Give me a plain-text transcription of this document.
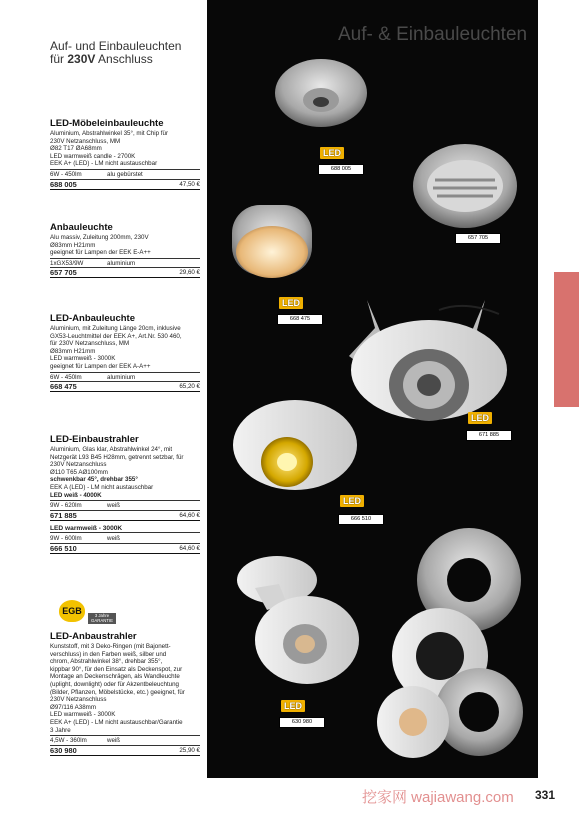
Auf- und Einbauleuchten
für 230V Anschluss
LED-Möbeleinbauleuchte
Aluminium, Abstrahlwinkel 35°, mit Chip für
230V Netzanschluss, MM
Ø82 T17 ØA68mm
LED warmweiß candle - 2700K
EEK A+ (LED) - LM nicht austauschbar
6W - 450lm	alu gebürstet
688 005	47,50 €
Anbauleuchte
Alu massiv, Zuleitung 200mm, 230V
Ø83mm H21mm
geeignet für Lampen der EEK E-A++
1xGX53/9W	aluminium
657 705	29,60 €
LED-Anbauleuchte
Aluminium, mit Zuleitung Länge 20cm, inklusive
GX53-Leuchtmittel der EEK A+, Art.Nr. 530 460,
für 230V Netzanschluss, MM
Ø83mm H21mm
LED warmweiß - 3000K
geeignet für Lampen der EEK A-A++
6W - 450lm	aluminium
668 475	65,20 €
LED-Einbaustrahler
Aluminium, Glas klar, Abstrahlwinkel 24°, mit
Netzgerät L93 B45 H28mm, getrennt setzbar, für
230V Netzanschluss
Ø110 T65 AØ100mm
schwenkbar 45°, drehbar 355°
EEK A (LED) - LM nicht austauschbar
LED weiß - 4000K
9W - 620lm	weiß
671 885	64,60 €
LED warmweiß - 3000K
9W - 600lm	weiß
666 510	64,60 €
EGB	3 Jahre GARANTIE
LED-Anbaustrahler
Kunststoff, mit 3 Deko-Ringen (mit Bajonett-
verschluss) in den Farben weiß, silber und
chrom, Abstrahlwinkel 38°, drehbar 355°,
kippbar 90°, für den Einsatz als Deckenspot, zur
Montage an Deckenschrägen, als Wandleuchte
(uplight, downlight) oder für Akzentbeleuchtung
(Bilder, Pflanzen, Möbelstücke, etc.) geeignet, für
230V Netzanschluss
Ø97/116 A38mm
LED warmweiß - 3000K
EEK A+ (LED) - LM nicht austauschbar/Garantie
3 Jahre
4,5W - 360lm	weiß
630 980	25,90 €
Auf- & Einbauleuchten
LED
LED
LED
LED
LED
688 005
657 705
668 475
671 885
666 510
630 980
挖家网 wajiawang.com 331
